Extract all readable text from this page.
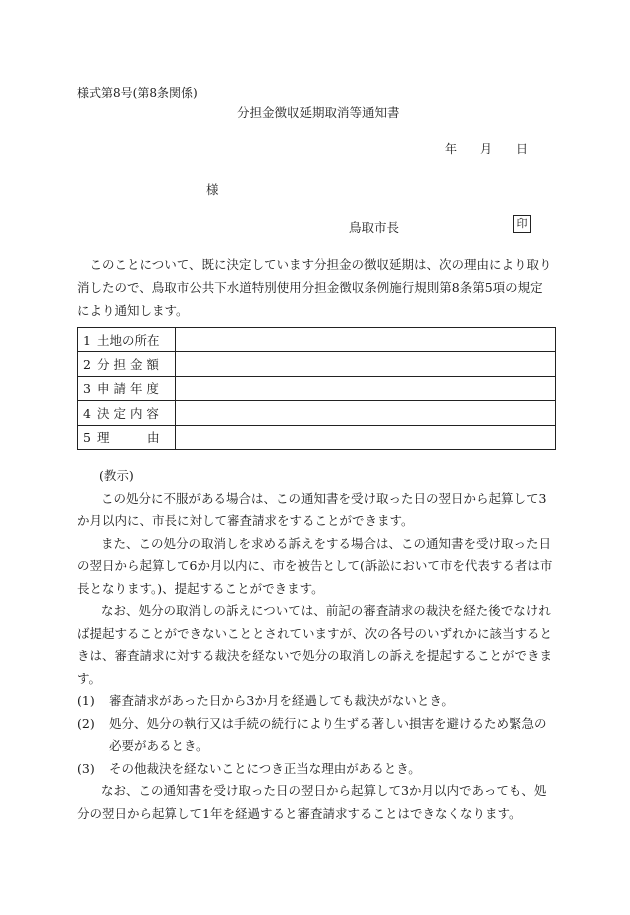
様式第8号(第8条関係)
分担金徴収延期取消等通知書
年 月 日
様
鳥取市長	印

このことについて、既に決定しています分担金の徴収延期は、次の理由により取り消したので、鳥取市公共下水道特別使用分担金徴収条例施行規則第8条第5項の規定により通知します。

1 土地の所在	
2 分 担 金 額	
3 申 請 年 度	
4 決 定 内 容	
5 理　　　由	

(教示)

この処分に不服がある場合は、この通知書を受け取った日の翌日から起算して3か月以内に、市長に対して審査請求をすることができます。

また、この処分の取消しを求める訴えをする場合は、この通知書を受け取った日の翌日から起算して6か月以内に、市を被告として(訴訟において市を代表する者は市長となります。)、提起することができます。

なお、処分の取消しの訴えについては、前記の審査請求の裁決を経た後でなければ提起することができないこととされていますが、次の各号のいずれかに該当するときは、審査請求に対する裁決を経ないで処分の取消しの訴えを提起することができます。

(1) 審査請求があった日から3か月を経過しても裁決がないとき。

(2) 処分、処分の執行又は手続の続行により生ずる著しい損害を避けるため緊急の必要があるとき。

(3) その他裁決を経ないことにつき正当な理由があるとき。

なお、この通知書を受け取った日の翌日から起算して3か月以内であっても、処分の翌日から起算して1年を経過すると審査請求することはできなくなります。
